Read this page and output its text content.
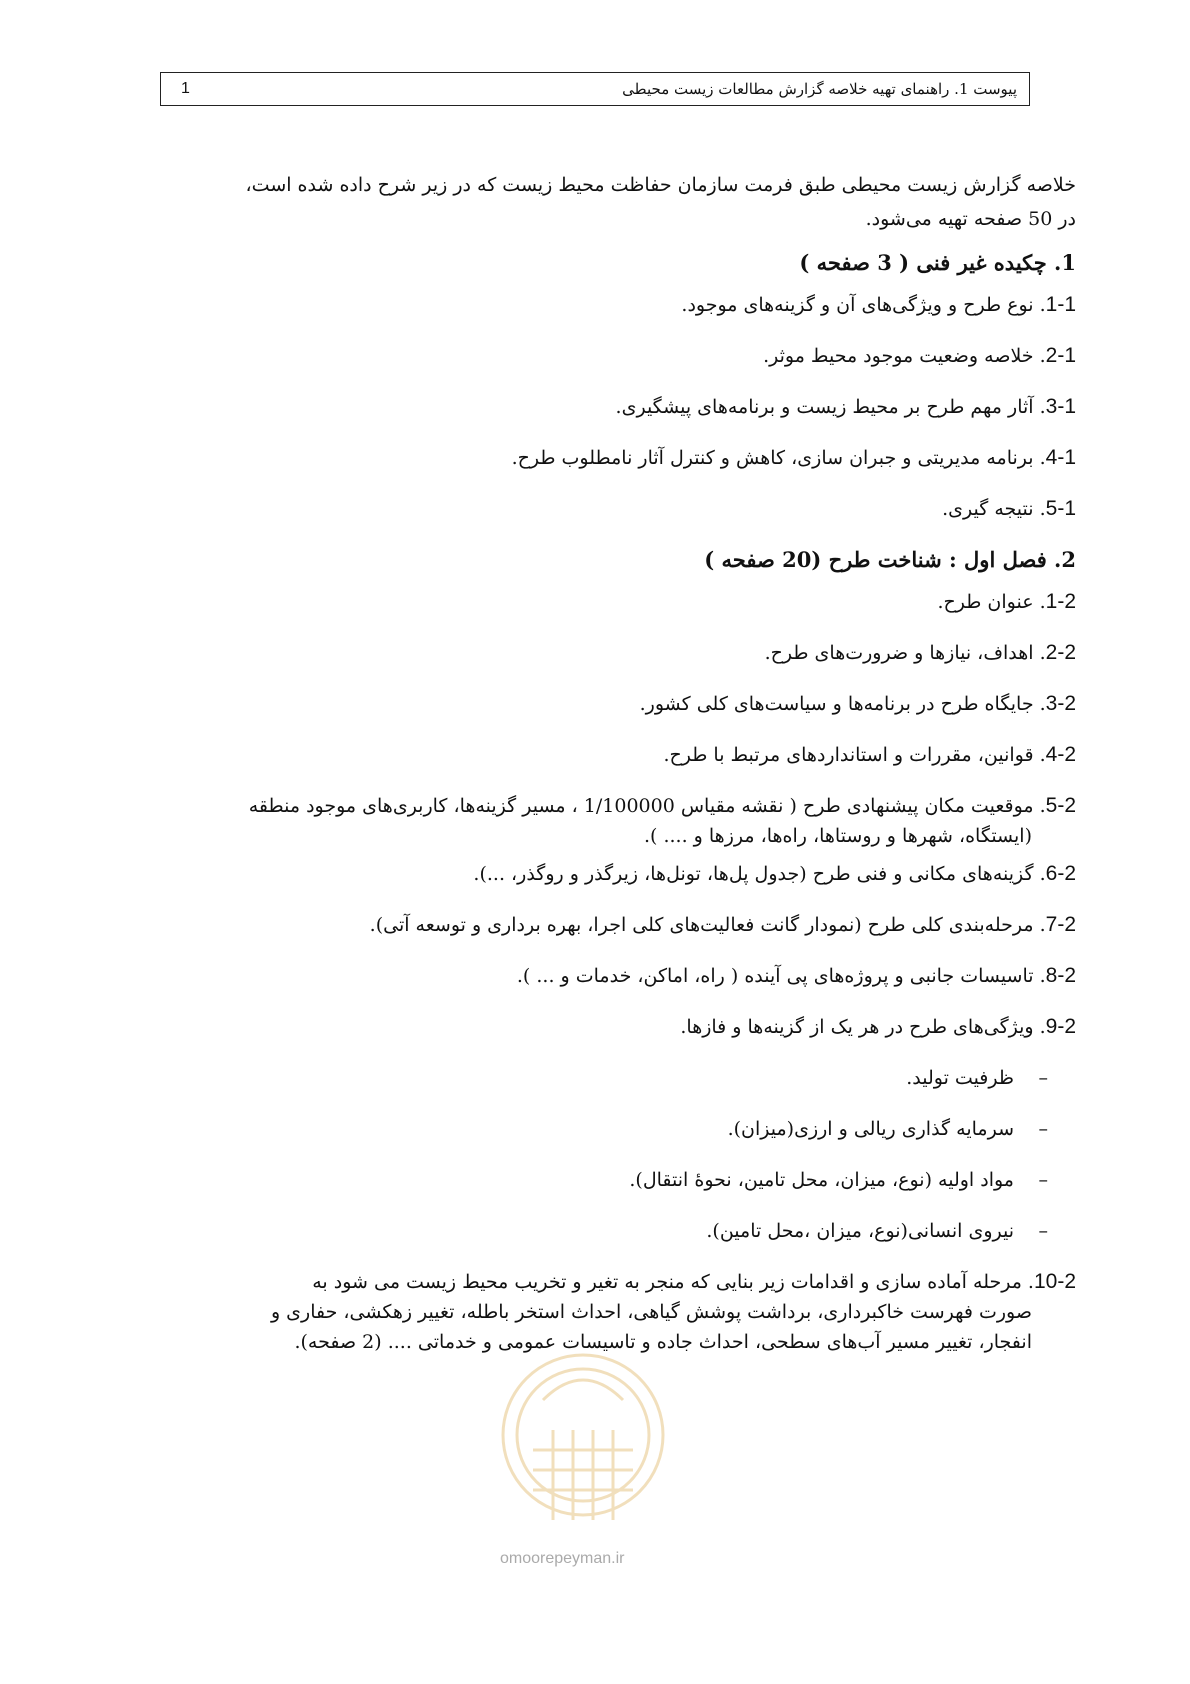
پیوست 1. راهنمای تهیه خلاصه گزارش مطالعات زیست محیطی
1
خلاصه گزارش زیست محیطی طبق فرمت سازمان حفاظت محیط زیست که در زیر شرح داده شده است،
در 50 صفحه تهیه می‌شود.
1. چکیده غیر فنی ( 3 صفحه )
1-1. نوع طرح و ویژگی‌های آن و گزینه‌های موجود.
2-1. خلاصه وضعیت موجود محیط موثر.
3-1. آثار مهم طرح بر محیط زیست و برنامه‌های پیشگیری.
4-1. برنامه مدیریتی و جبران سازی، کاهش و کنترل آثار نامطلوب طرح.
5-1. نتیجه گیری.
2. فصل اول : شناخت طرح (20 صفحه )
1-2. عنوان طرح.
2-2. اهداف، نیازها و ضرورت‌های طرح.
3-2. جایگاه طرح در برنامه‌ها و سیاست‌های کلی کشور.
4-2. قوانین، مقررات و استانداردهای مرتبط با طرح.
5-2. موقعیت مکان پیشنهادی طرح ( نقشه مقیاس 1/100000 ، مسیر گزینه‌ها، کاربری‌های موجود منطقه
(ایستگاه، شهرها و روستاها، راه‌ها، مرزها و .... ).
6-2. گزینه‌های مکانی و فنی طرح (جدول پل‌ها، تونل‌ها، زیرگذر و روگذر، ...).
7-2. مرحله‌بندی کلی طرح (نمودار گانت فعالیت‌های کلی اجرا، بهره برداری و توسعه آتی).
8-2. تاسیسات جانبی و پروژه‌های پی آینده ( راه، اماکن، خدمات و ... ).
9-2. ویژگی‌های طرح در هر یک از گزینه‌ها و فازها.
–ظرفیت تولید.
–سرمایه گذاری ریالی و ارزی(میزان).
–مواد اولیه (نوع، میزان، محل تامین، نحوهٔ انتقال).
–نیروی انسانی(نوع، میزان ،محل تامین).
10-2. مرحله آماده سازی و اقدامات زیر بنایی که منجر به تغیر و تخریب محیط زیست می شود به
صورت فهرست خاکبرداری، برداشت پوشش گیاهی، احداث استخر باطله، تغییر زهکشی، حفاری و
انفجار، تغییر مسیر آب‌های سطحی، احداث جاده و تاسیسات عمومی و خدماتی .... (2 صفحه).
omoorepeyman.ir
